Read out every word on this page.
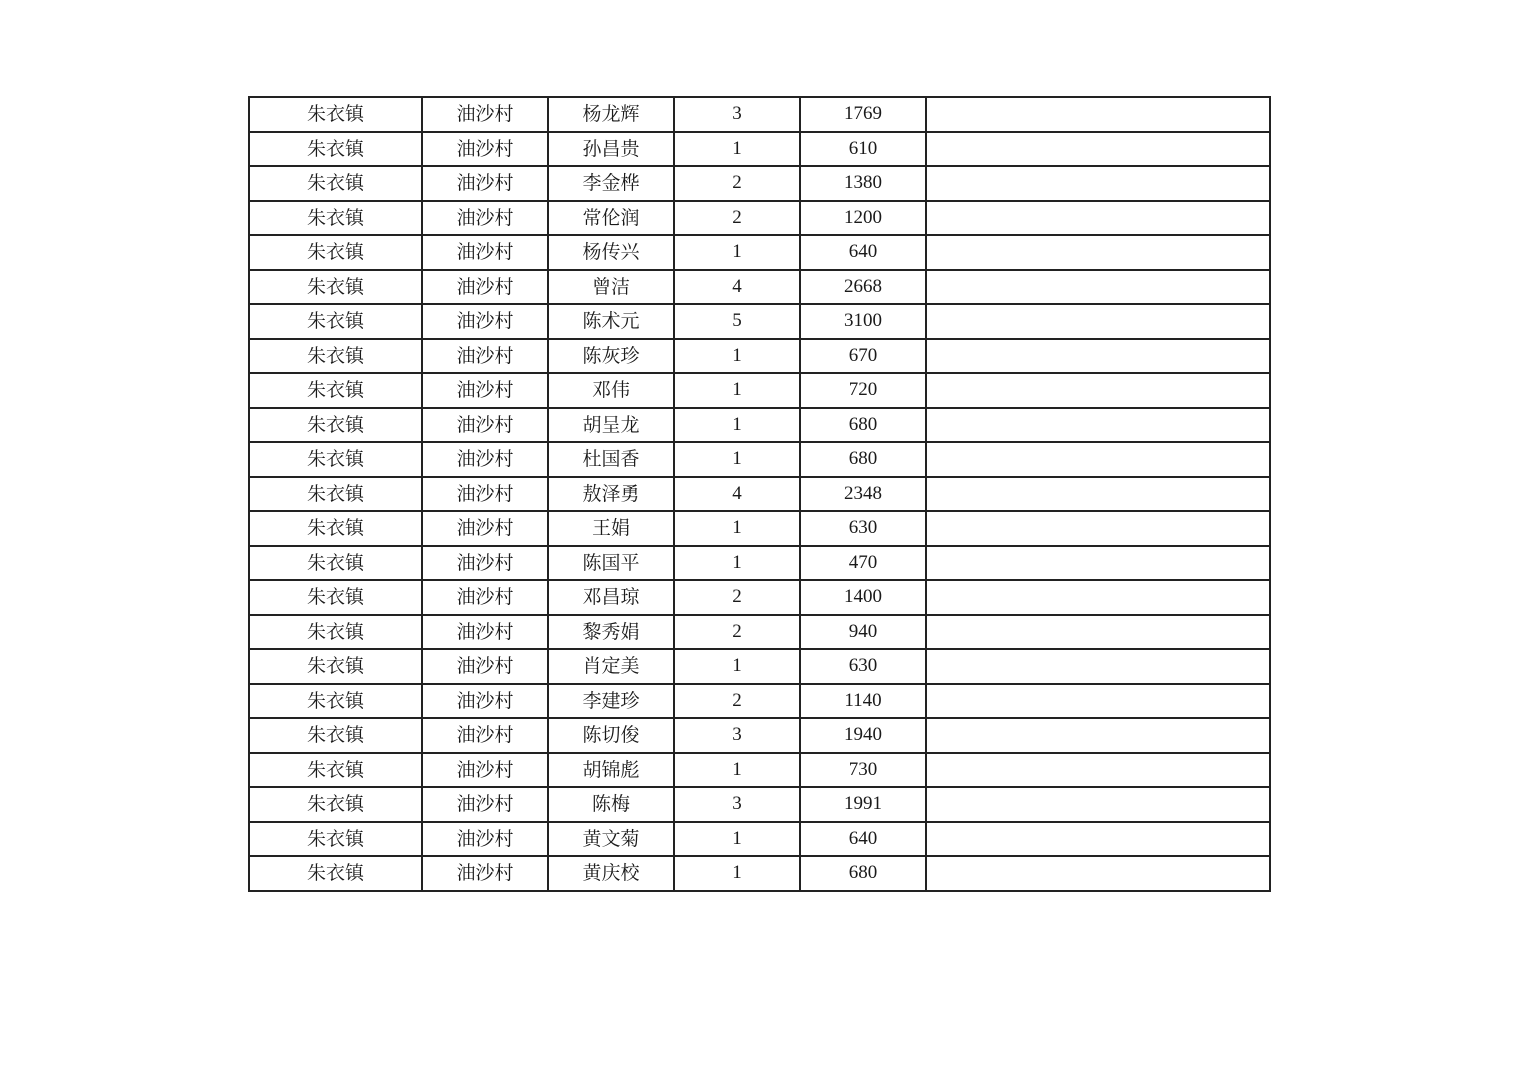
朱衣镇	油沙村	杨龙辉	3	1769	
朱衣镇	油沙村	孙昌贵	1	610	
朱衣镇	油沙村	李金桦	2	1380	
朱衣镇	油沙村	常伦润	2	1200	
朱衣镇	油沙村	杨传兴	1	640	
朱衣镇	油沙村	曾洁	4	2668	
朱衣镇	油沙村	陈术元	5	3100	
朱衣镇	油沙村	陈灰珍	1	670	
朱衣镇	油沙村	邓伟	1	720	
朱衣镇	油沙村	胡呈龙	1	680	
朱衣镇	油沙村	杜国香	1	680	
朱衣镇	油沙村	敖泽勇	4	2348	
朱衣镇	油沙村	王娟	1	630	
朱衣镇	油沙村	陈国平	1	470	
朱衣镇	油沙村	邓昌琼	2	1400	
朱衣镇	油沙村	黎秀娟	2	940	
朱衣镇	油沙村	肖定美	1	630	
朱衣镇	油沙村	李建珍	2	1140	
朱衣镇	油沙村	陈切俊	3	1940	
朱衣镇	油沙村	胡锦彪	1	730	
朱衣镇	油沙村	陈梅	3	1991	
朱衣镇	油沙村	黄文菊	1	640	
朱衣镇	油沙村	黄庆校	1	680	
